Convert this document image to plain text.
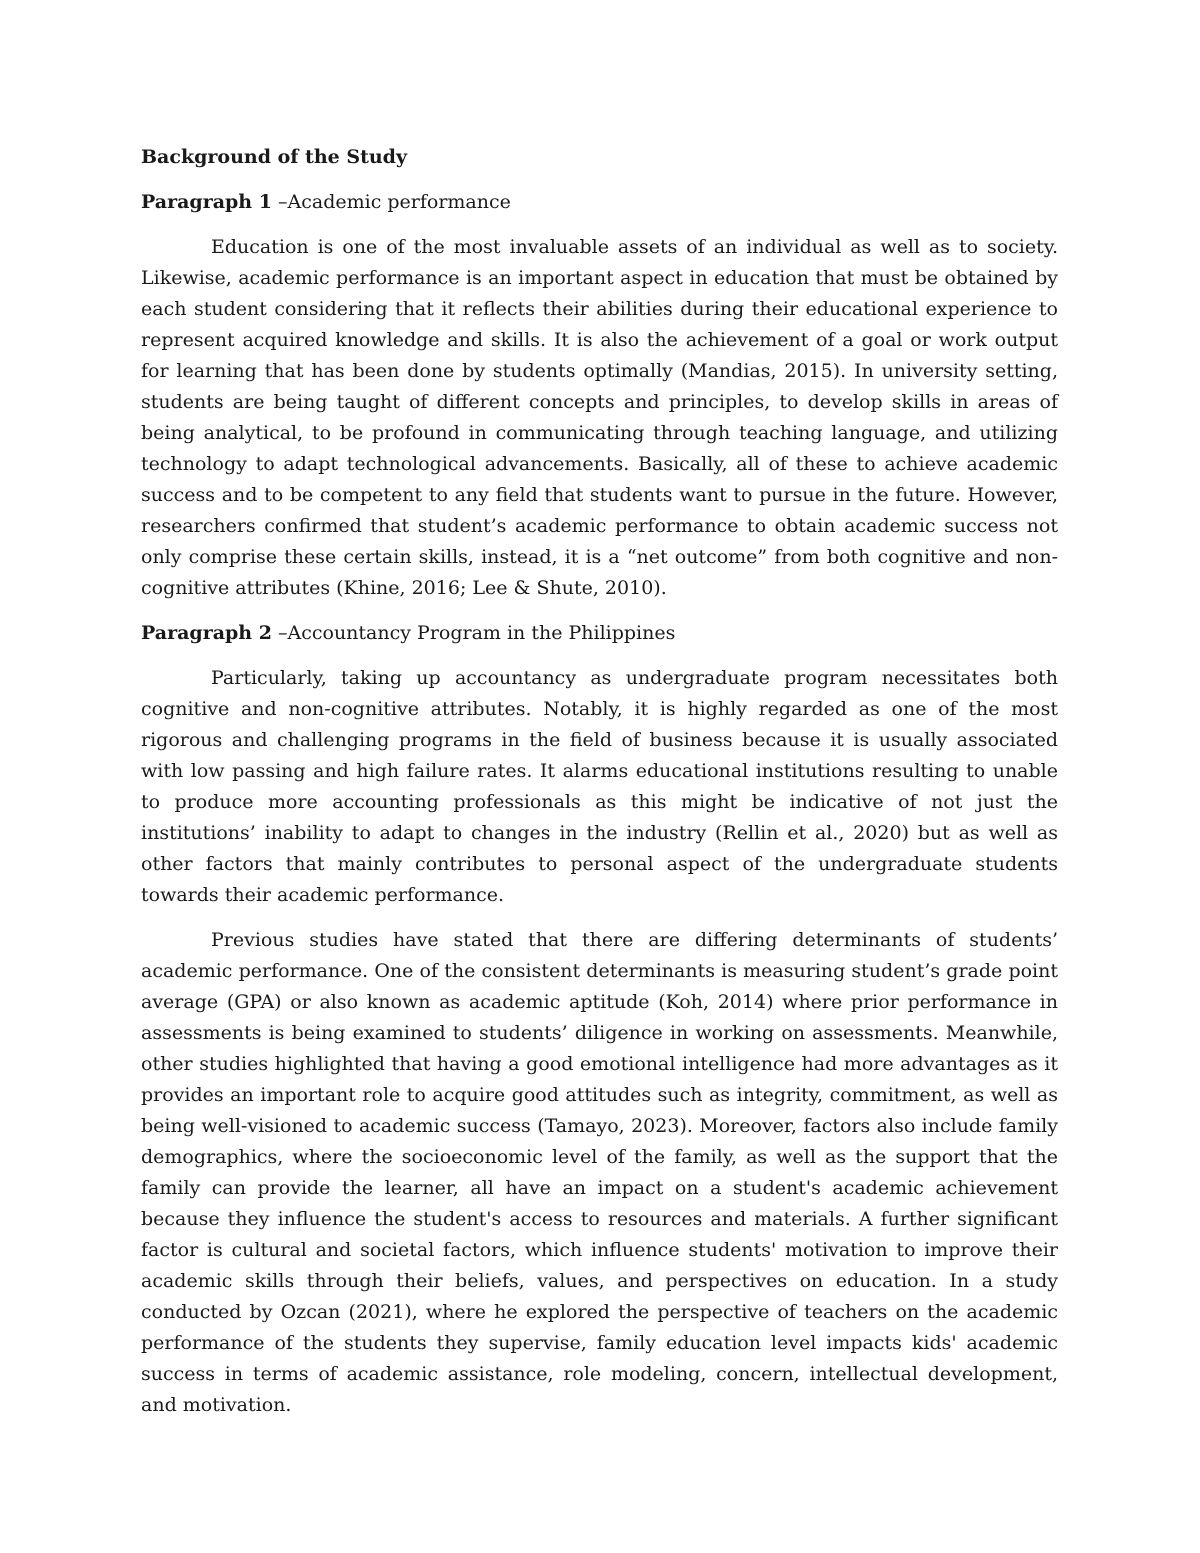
Background of the Study

Paragraph 1 –Academic performance

Education is one of the most invaluable assets of an individual as well as to society. Likewise, academic performance is an important aspect in education that must be obtained by each student considering that it reflects their abilities during their educational experience to represent acquired knowledge and skills. It is also the achievement of a goal or work output for learning that has been done by students optimally (Mandias, 2015). In university setting, students are being taught of different concepts and principles, to develop skills in areas of being analytical, to be profound in communicating through teaching language, and utilizing technology to adapt technological advancements. Basically, all of these to achieve academic success and to be competent to any field that students want to pursue in the future. However, researchers confirmed that student’s academic performance to obtain academic success not only comprise these certain skills, instead, it is a “net outcome” from both cognitive and non-cognitive attributes (Khine, 2016; Lee & Shute, 2010).

Paragraph 2 –Accountancy Program in the Philippines

Particularly, taking up accountancy as undergraduate program necessitates both cognitive and non-cognitive attributes. Notably, it is highly regarded as one of the most rigorous and challenging programs in the field of business because it is usually associated with low passing and high failure rates. It alarms educational institutions resulting to unable to produce more accounting professionals as this might be indicative of not just the institutions’ inability to adapt to changes in the industry (Rellin et al., 2020) but as well as other factors that mainly contributes to personal aspect of the undergraduate students towards their academic performance.

Previous studies have stated that there are differing determinants of students’ academic performance. One of the consistent determinants is measuring student’s grade point average (GPA) or also known as academic aptitude (Koh, 2014) where prior performance in assessments is being examined to students’ diligence in working on assessments. Meanwhile, other studies highlighted that having a good emotional intelligence had more advantages as it provides an important role to acquire good attitudes such as integrity, commitment, as well as being well-visioned to academic success (Tamayo, 2023). Moreover, factors also include family demographics, where the socioeconomic level of the family, as well as the support that the family can provide the learner, all have an impact on a student's academic achievement because they influence the student's access to resources and materials. A further significant factor is cultural and societal factors, which influence students' motivation to improve their academic skills through their beliefs, values, and perspectives on education. In a study conducted by Ozcan (2021), where he explored the perspective of teachers on the academic performance of the students they supervise, family education level impacts kids' academic success in terms of academic assistance, role modeling, concern, intellectual development, and motivation.
